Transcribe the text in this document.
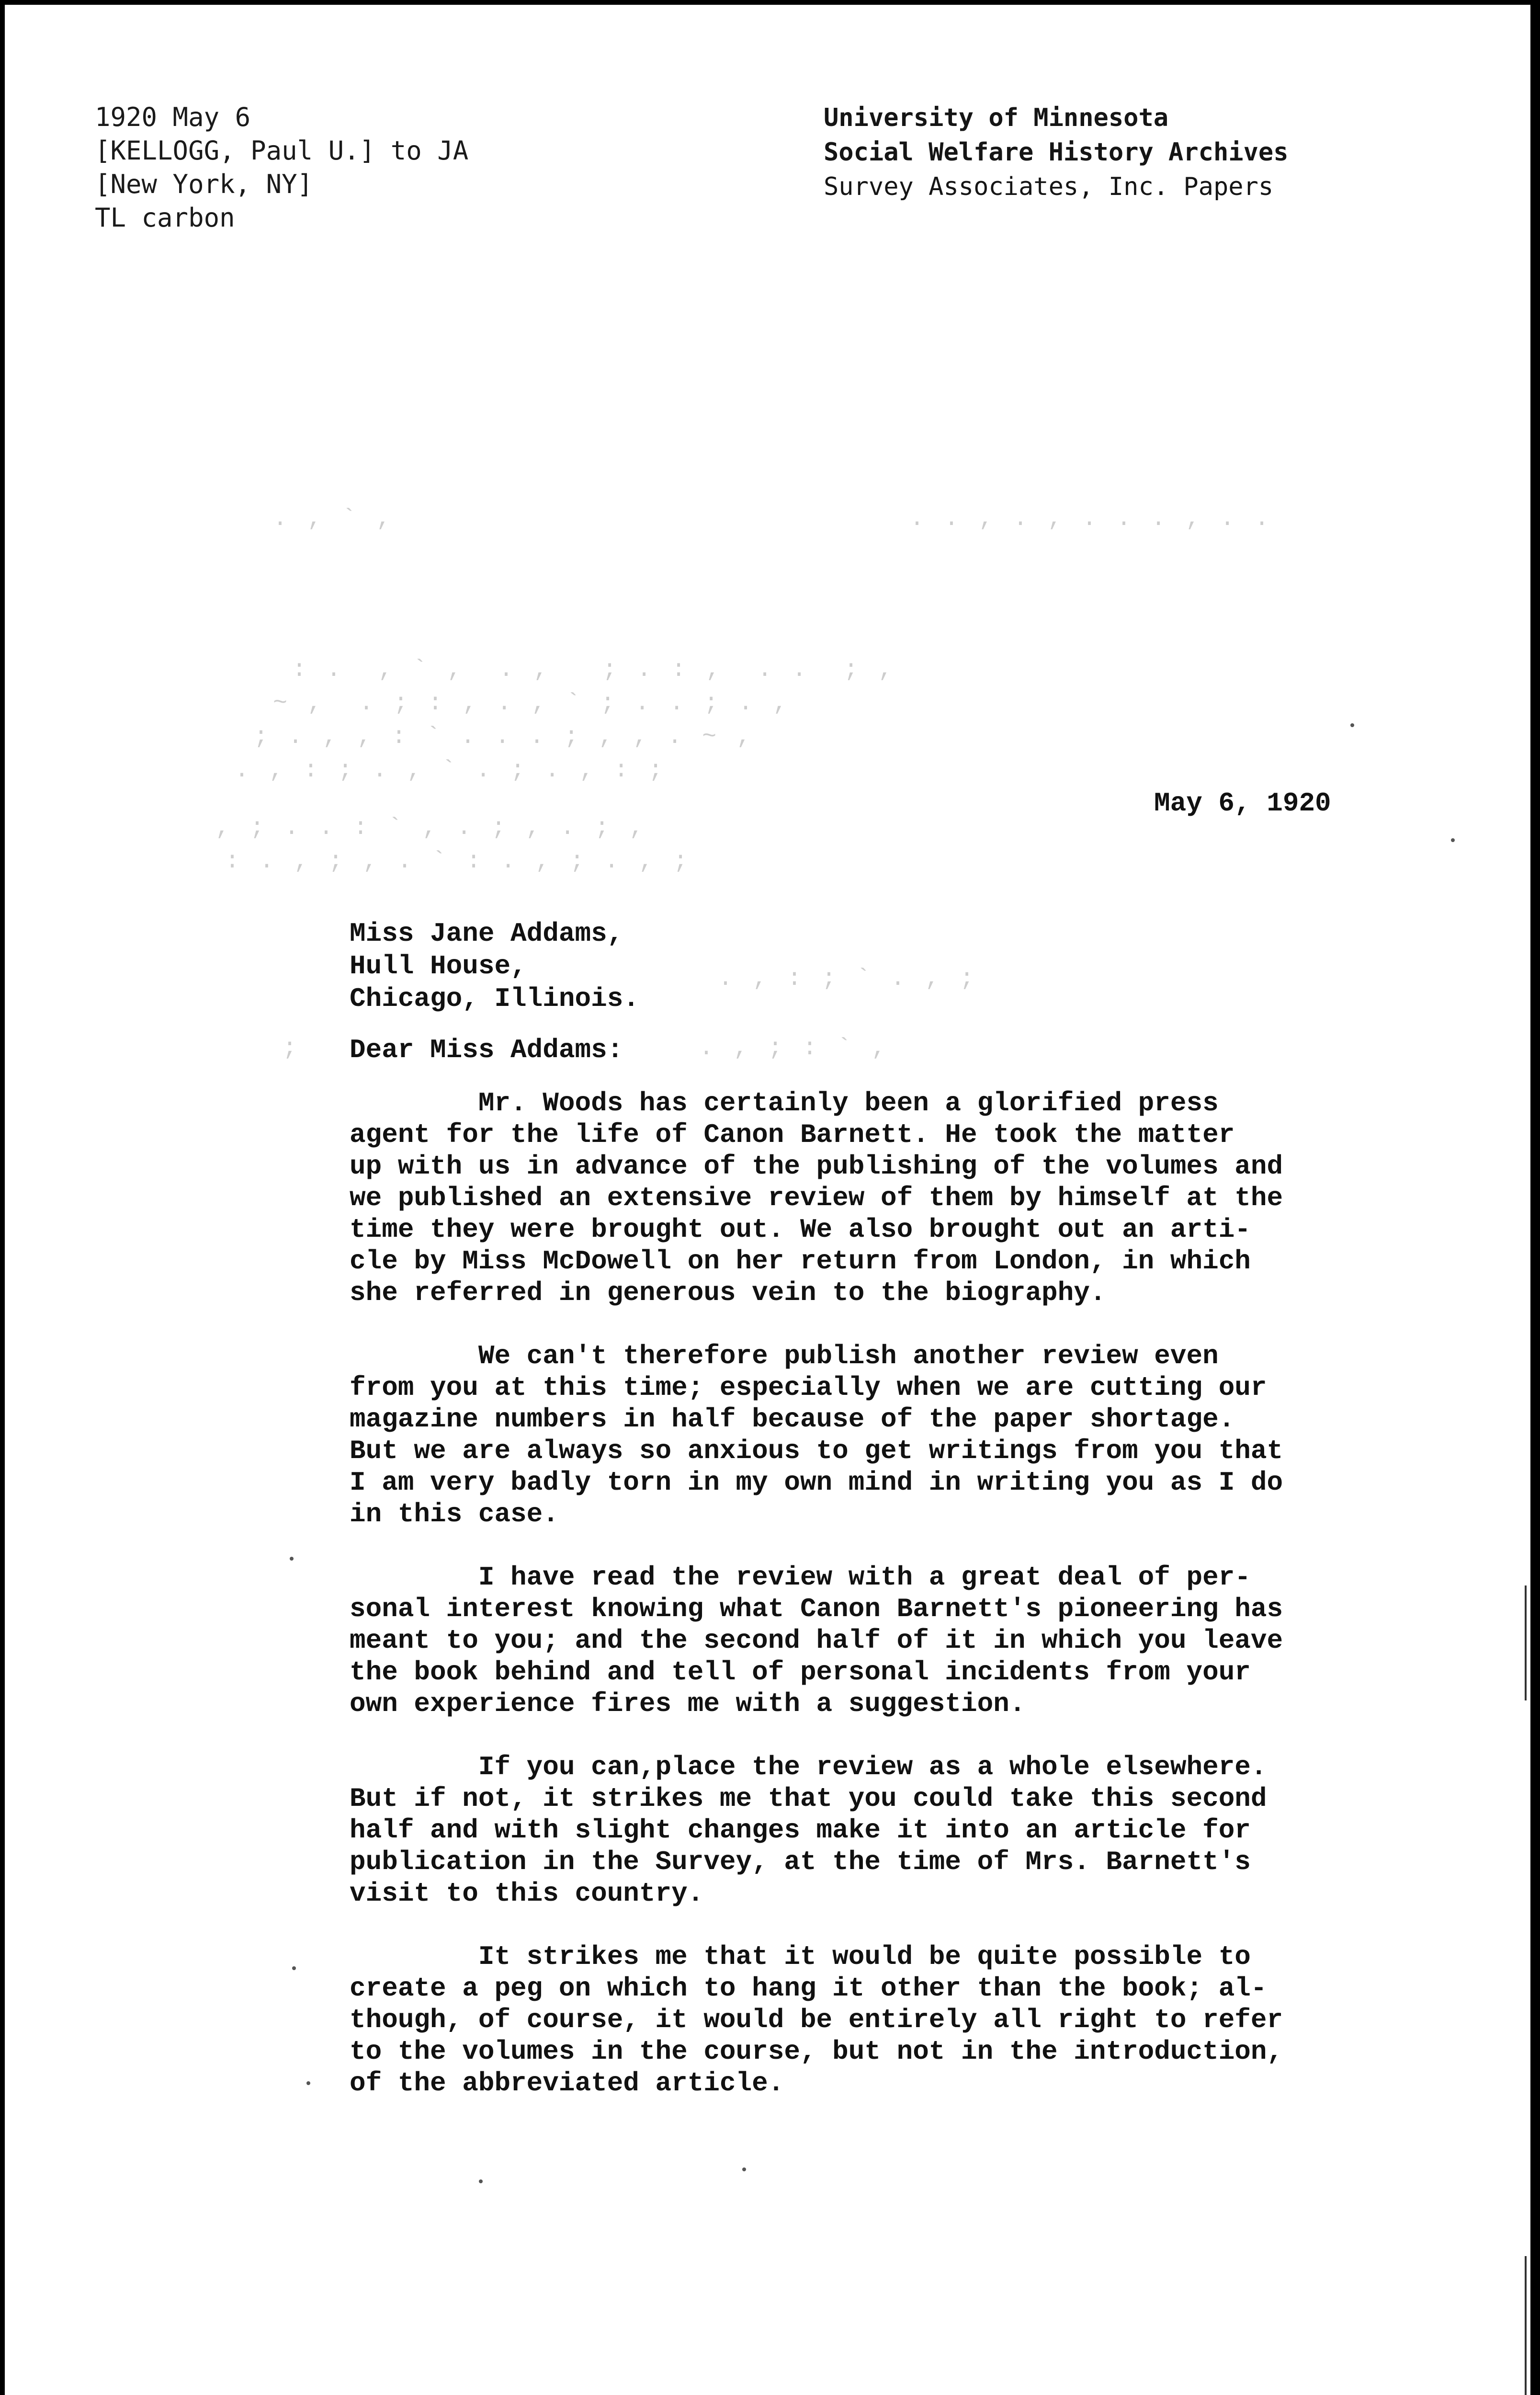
1920 May 6
[KELLOGG, Paul U.] to JA
[New York, NY]
TL carbon
University of Minnesota
Social Welfare History Archives
Survey Associates, Inc. Papers
. , ` ,	. . , . , . . . , . .
: .  , ` ,  . ,   ; . : ,  . .  ; ,
~ ,  . ; : , . , ` ; . . ; . ,
; . , , : ` . . . ; , , . ~ ,
. , : ; . , ` . ; . , : ;
, ; . . : ` , . ; , . ; ,
: . , ; , . ` : . , ; . , ;
. , : ; ` . , ;
;	. , ; : ` ,
May 6, 1920
Miss Jane Addams,
Hull House,
Chicago, Illinois.
Dear Miss Addams:

Mr. Woods has certainly been a glorified press
agent for the life of Canon Barnett. He took the matter
up with us in advance of the publishing of the volumes and
we published an extensive review of them by himself at the
time they were brought out. We also brought out an arti-
cle by Miss McDowell on her return from London, in which
she referred in generous vein to the biography.

We can't therefore publish another review even
from you at this time; especially when we are cutting our
magazine numbers in half because of the paper shortage.
But we are always so anxious to get writings from you that
I am very badly torn in my own mind in writing you as I do
in this case.

I have read the review with a great deal of per-
sonal interest knowing what Canon Barnett's pioneering has
meant to you; and the second half of it in which you leave
the book behind and tell of personal incidents from your
own experience fires me with a suggestion.

If you can,place the review as a whole elsewhere.
But if not, it strikes me that you could take this second
half and with slight changes make it into an article for
publication in the Survey, at the time of Mrs. Barnett's
visit to this country.

It strikes me that it would be quite possible to
create a peg on which to hang it other than the book; al-
though, of course, it would be entirely all right to refer
to the volumes in the course, but not in the introduction,
of the abbreviated article.
